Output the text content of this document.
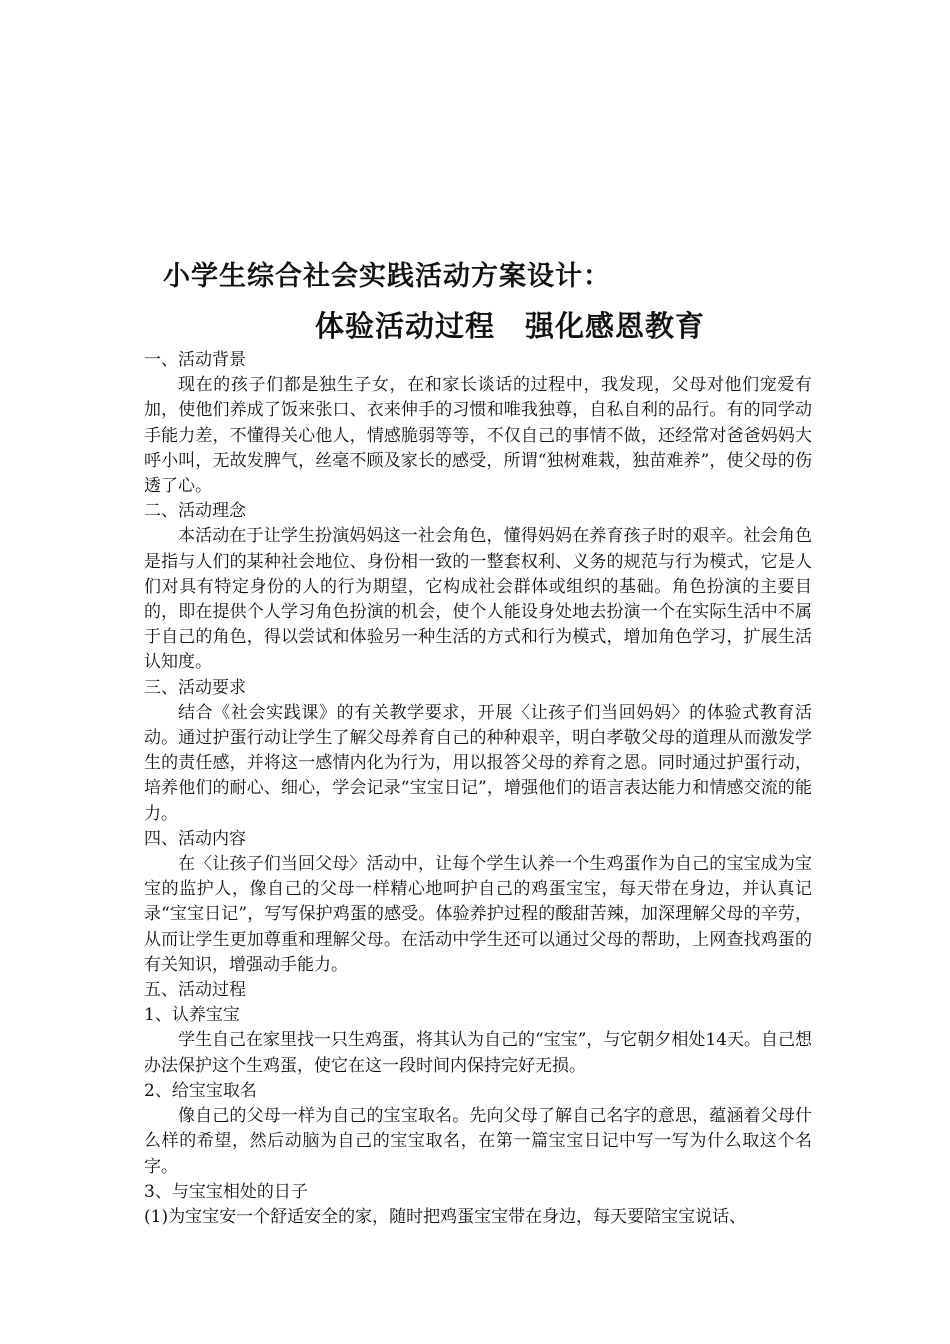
小学生综合社会实践活动方案设计：
体验活动过程　强化感恩教育
一、活动背景

现在的孩子们都是独生子女，在和家长谈话的过程中，我发现，父母对他们宠爱有加，使他们养成了饭来张口、衣来伸手的习惯和唯我独尊，自私自利的品行。有的同学动手能力差，不懂得关心他人，情感脆弱等等，不仅自己的事情不做，还经常对爸爸妈妈大呼小叫，无故发脾气，丝毫不顾及家长的感受，所谓“独树难栽，独苗难养”，使父母的伤透了心。

二、活动理念

本活动在于让学生扮演妈妈这一社会角色，懂得妈妈在养育孩子时的艰辛。社会角色是指与人们的某种社会地位、身份相一致的一整套权利、义务的规范与行为模式，它是人们对具有特定身份的人的行为期望，它构成社会群体或组织的基础。角色扮演的主要目的，即在提供个人学习角色扮演的机会，使个人能设身处地去扮演一个在实际生活中不属于自己的角色，得以尝试和体验另一种生活的方式和行为模式，增加角色学习，扩展生活认知度。

三、活动要求

结合《社会实践课》的有关教学要求，开展〈让孩子们当回妈妈〉的体验式教育活动。通过护蛋行动让学生了解父母养育自己的种种艰辛，明白孝敬父母的道理从而激发学生的责任感，并将这一感情内化为行为，用以报答父母的养育之恩。同时通过护蛋行动，培养他们的耐心、细心，学会记录“宝宝日记”，增强他们的语言表达能力和情感交流的能力。

四、活动内容

在〈让孩子们当回父母〉活动中，让每个学生认养一个生鸡蛋作为自己的宝宝成为宝宝的监护人，像自己的父母一样精心地呵护自己的鸡蛋宝宝，每天带在身边，并认真记录“宝宝日记”，写写保护鸡蛋的感受。体验养护过程的酸甜苦辣，加深理解父母的辛劳，从而让学生更加尊重和理解父母。在活动中学生还可以通过父母的帮助，上网查找鸡蛋的有关知识，增强动手能力。

五、活动过程
1、认养宝宝

学生自己在家里找一只生鸡蛋，将其认为自己的“宝宝”，与它朝夕相处14天。自己想办法保护这个生鸡蛋，使它在这一段时间内保持完好无损。

2、给宝宝取名

像自己的父母一样为自己的宝宝取名。先向父母了解自己名字的意思，蕴涵着父母什么样的希望，然后动脑为自己的宝宝取名，在第一篇宝宝日记中写一写为什么取这个名字。

3、与宝宝相处的日子

(1)为宝宝安一个舒适安全的家，随时把鸡蛋宝宝带在身边，每天要陪宝宝说话、
